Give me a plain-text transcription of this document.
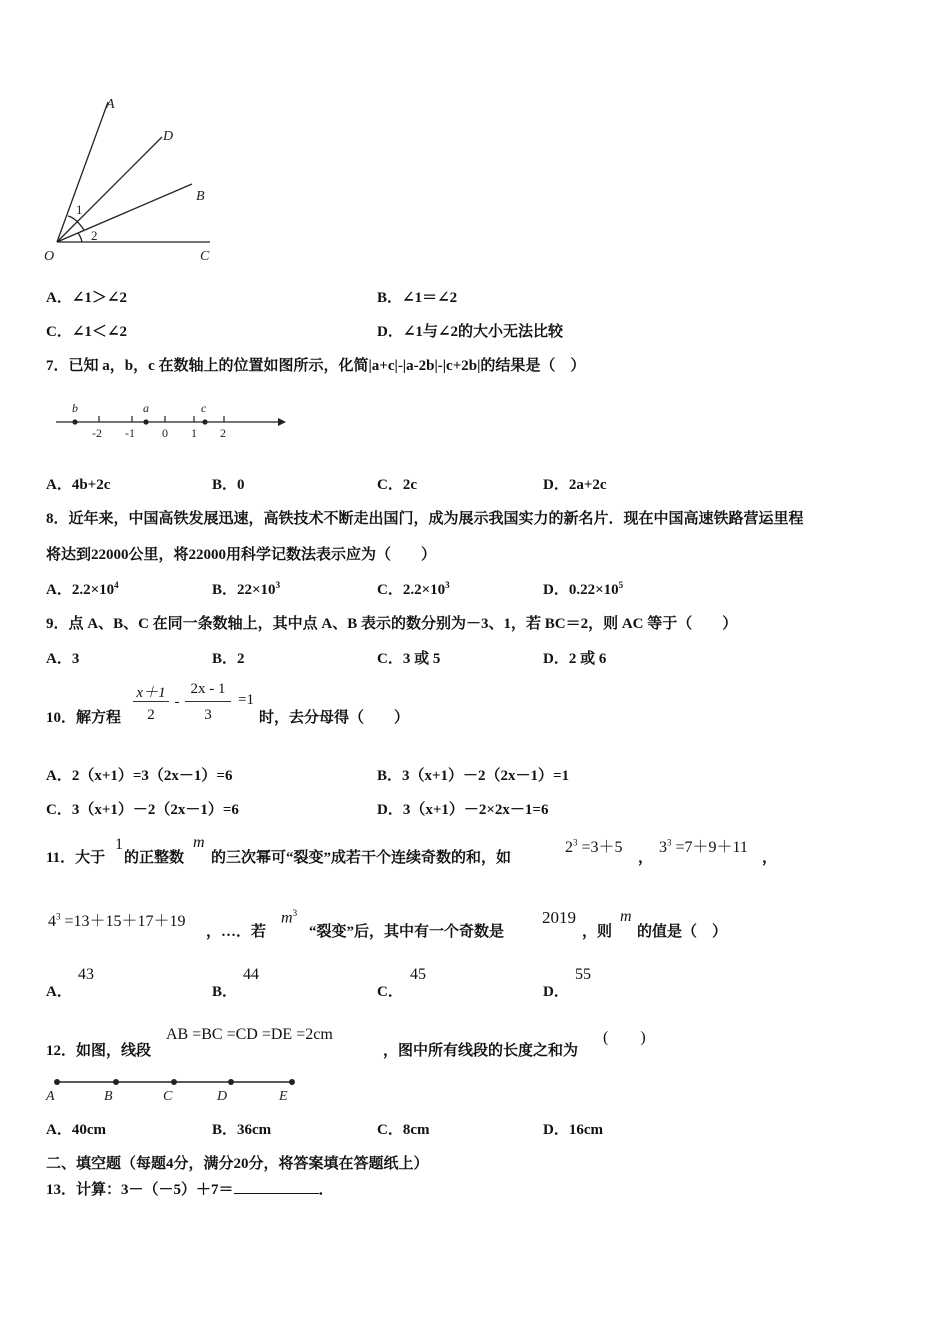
A
D
B
O	C
1
2
A．∠1＞∠2	B．∠1＝∠2
C．∠1＜∠2	D．∠1与∠2的大小无法比较
7．已知 a，b，c 在数轴上的位置如图所示，化简|a+c|-|a-2b|-|c+2b|的结果是（　）
b	a	c
-2 -1 0 1 2
A．4b+2c	B．0	C．2c	D．2a+2c
8．近年来，中国高铁发展迅速，高铁技术不断走出国门，成为展示我国实力的新名片．现在中国高速铁路营运里程
将达到22000公里，将22000用科学记数法表示应为（　　）
A．$2.2\times 10^4$	B．$22\times 10^3$	C．$2.2\times 10^3$	D．$0.22\times 10^5$
9．点 A、B、C 在同一条数轴上，其中点 A、B 表示的数分别为－3、1，若 BC＝2，则 AC 等于（　　）
A．3	B．2	C．3 或 5	D．2 或 6
10．解方程
x＋1
2
-
2x - 1
3
=1
时，去分母得（　　）
A．2（x+1）=3（2x－1）=6	B．3（x+1）－2（2x－1）=1
C．3（x+1）－2（2x－1）=6	D．3（x+1）－2×2x－1=6
11．大于
1
的正整数
m
的三次幂可“裂变”成若干个连续奇数的和，如
$2^3 =3+5$
，
$3^3 =7+9+11$
，
$4^3 =13+15+17+19$
，…．若
$m^3$
“裂变”后，其中有一个奇数是
2019
，则
m
的值是（　）
A．
43
B．
44
C．
45
D．
55
12．如图，线段
AB =BC =CD =DE =2cm
，图中所有线段的长度之和为
(　　)
A	B	C	D	E
A．40cm	B．36cm	C．8cm	D．16cm
二、填空题（每题4分，满分20分，将答案填在答题纸上）
13．计算：3－（－5）＋7＝	．
